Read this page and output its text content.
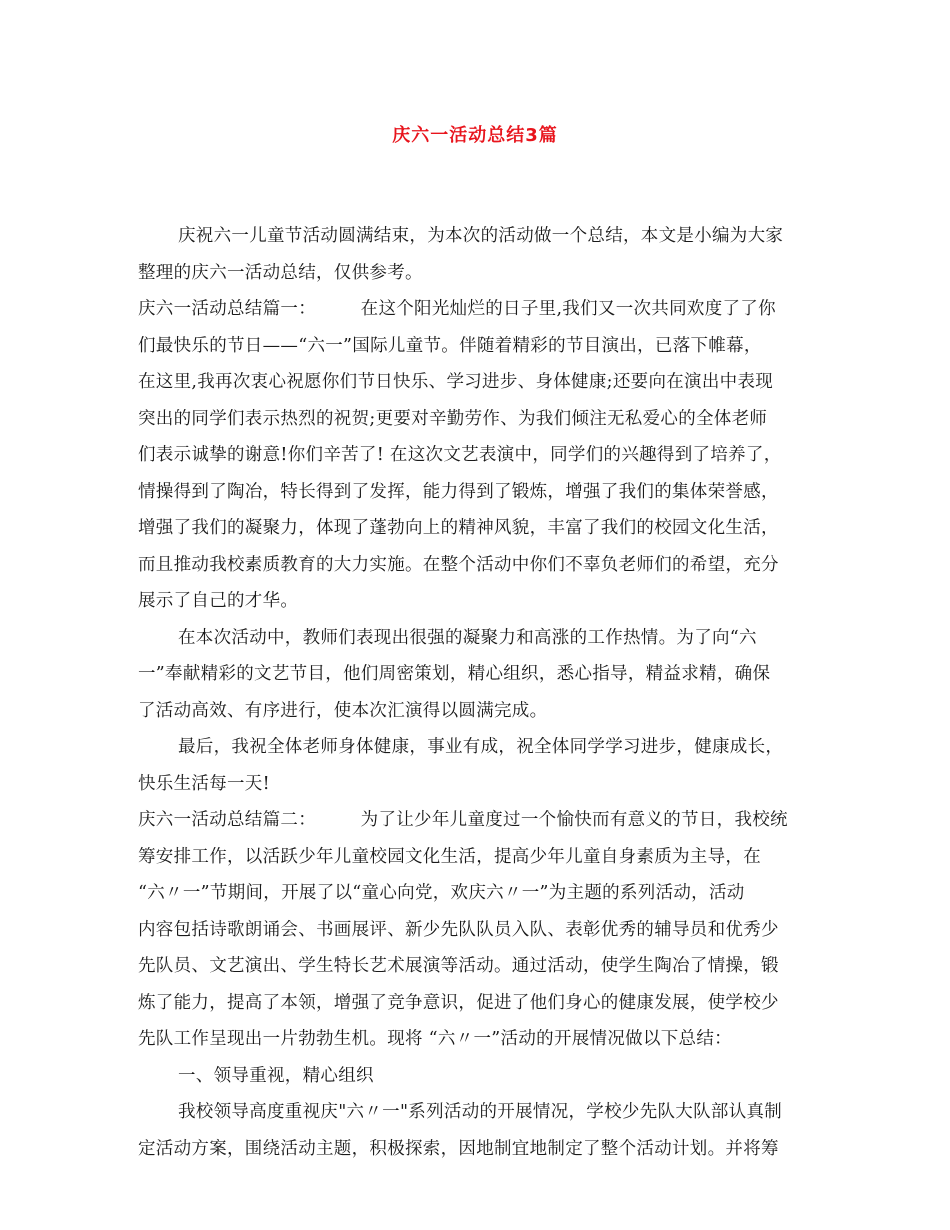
庆六一活动总结3篇
庆祝六一儿童节活动圆满结束，为本次的活动做一个总结，本文是小编为大家
整理的庆六一活动总结，仅供参考。
庆六一活动总结篇一：　　　在这个阳光灿烂的日子里,我们又一次共同欢度了了你
们最快乐的节日——“六一”国际儿童节。伴随着精彩的节目演出，已落下帷幕，
在这里,我再次衷心祝愿你们节日快乐、学习进步、身体健康;还要向在演出中表现
突出的同学们表示热烈的祝贺;更要对辛勤劳作、为我们倾注无私爱心的全体老师
们表示诚挚的谢意!你们辛苦了! 在这次文艺表演中，同学们的兴趣得到了培养了，
情操得到了陶冶，特长得到了发挥，能力得到了锻炼，增强了我们的集体荣誉感，
增强了我们的凝聚力，体现了蓬勃向上的精神风貌，丰富了我们的校园文化生活，
而且推动我校素质教育的大力实施。在整个活动中你们不辜负老师们的希望，充分
展示了自己的才华。
在本次活动中，教师们表现出很强的凝聚力和高涨的工作热情。为了向“六
一”奉献精彩的文艺节目，他们周密策划，精心组织，悉心指导，精益求精，确保
了活动高效、有序进行，使本次汇演得以圆满完成。
最后，我祝全体老师身体健康，事业有成，祝全体同学学习进步，健康成长，
快乐生活每一天!
庆六一活动总结篇二：　　　为了让少年儿童度过一个愉快而有意义的节日，我校统
筹安排工作，以活跃少年儿童校园文化生活，提高少年儿童自身素质为主导，在
“六〃一”节期间，开展了以“童心向党，欢庆六〃一”为主题的系列活动，活动
内容包括诗歌朗诵会、书画展评、新少先队队员入队、表彰优秀的辅导员和优秀少
先队员、文艺演出、学生特长艺术展演等活动。通过活动，使学生陶冶了情操，锻
炼了能力，提高了本领，增强了竞争意识，促进了他们身心的健康发展，使学校少
先队工作呈现出一片勃勃生机。现将 “六〃一”活动的开展情况做以下总结：
一、领导重视，精心组织
我校领导高度重视庆"六〃一"系列活动的开展情况，学校少先队大队部认真制
定活动方案，围绕活动主题，积极探索，因地制宜地制定了整个活动计划。并将筹
